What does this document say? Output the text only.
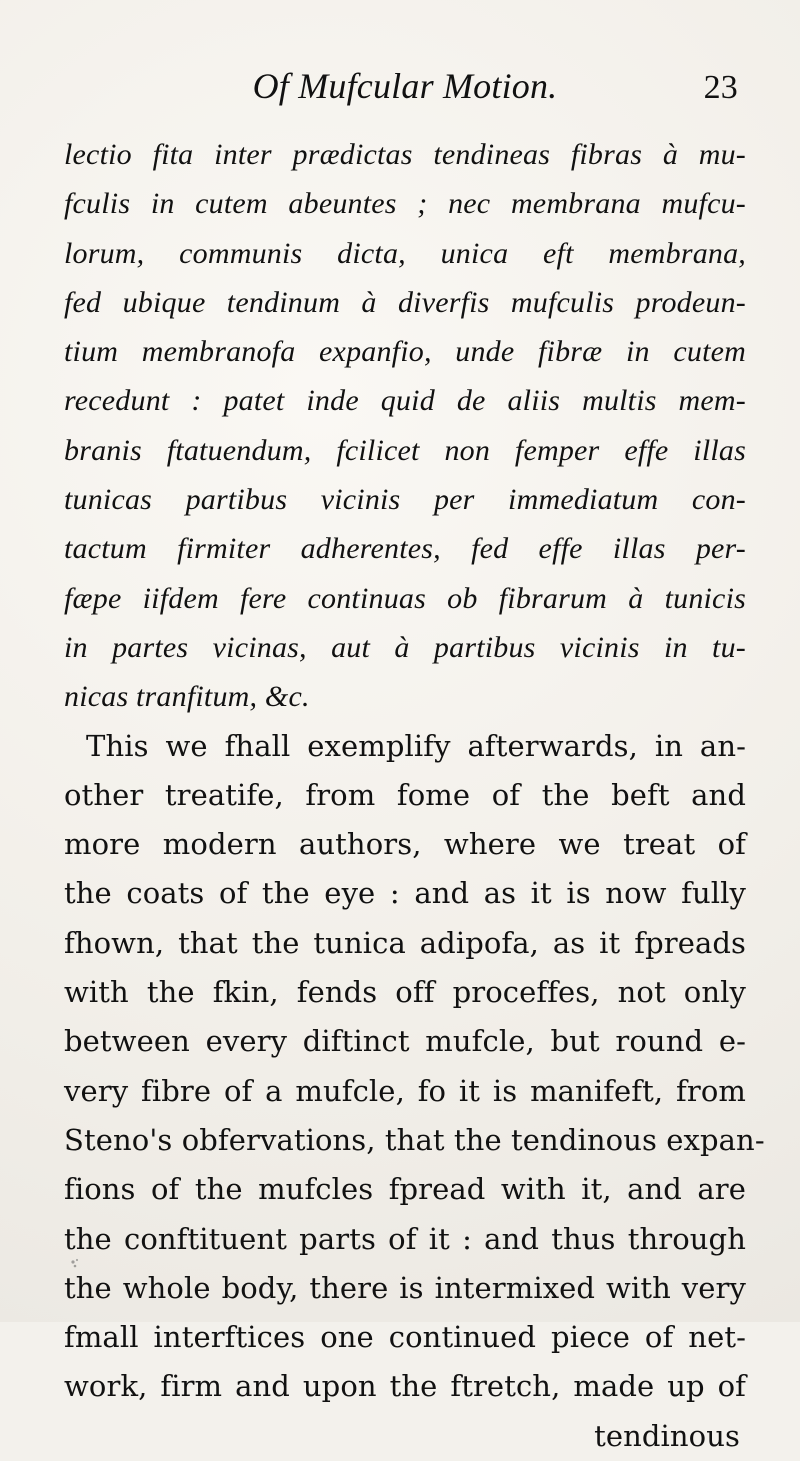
Of Mufcular Motion.	23
lectio fita inter prædictas tendineas fibras à mu-
fculis in cutem abeuntes ; nec membrana mufcu-
lorum, communis dicta, unica eft membrana,
fed ubique tendinum à diverfis mufculis prodeun-
tium membranofa expanfio, unde fibræ in cutem
recedunt : patet inde quid de aliis multis mem-
branis ftatuendum, fcilicet non femper effe illas
tunicas partibus vicinis per immediatum con-
tactum firmiter adherentes, fed effe illas per-
fæpe iifdem fere continuas ob fibrarum à tunicis
in partes vicinas, aut à partibus vicinis in tu-
nicas tranfitum, &c.
This we fhall exemplify afterwards, in an-
other treatife, from fome of the beft and
more modern authors, where we treat of
the coats of the eye : and as it is now fully
fhown, that the tunica adipofa, as it fpreads
with the fkin, fends off proceffes, not only
between every diftinct mufcle, but round e-
very fibre of a mufcle, fo it is manifeft, from
Steno's obfervations, that the tendinous expan-
fions of the mufcles fpread with it, and are
the conftituent parts of it : and thus through
the whole body, there is intermixed with very
fmall interftices one continued piece of net-
work, firm and upon the ftretch, made up of
tendinous
